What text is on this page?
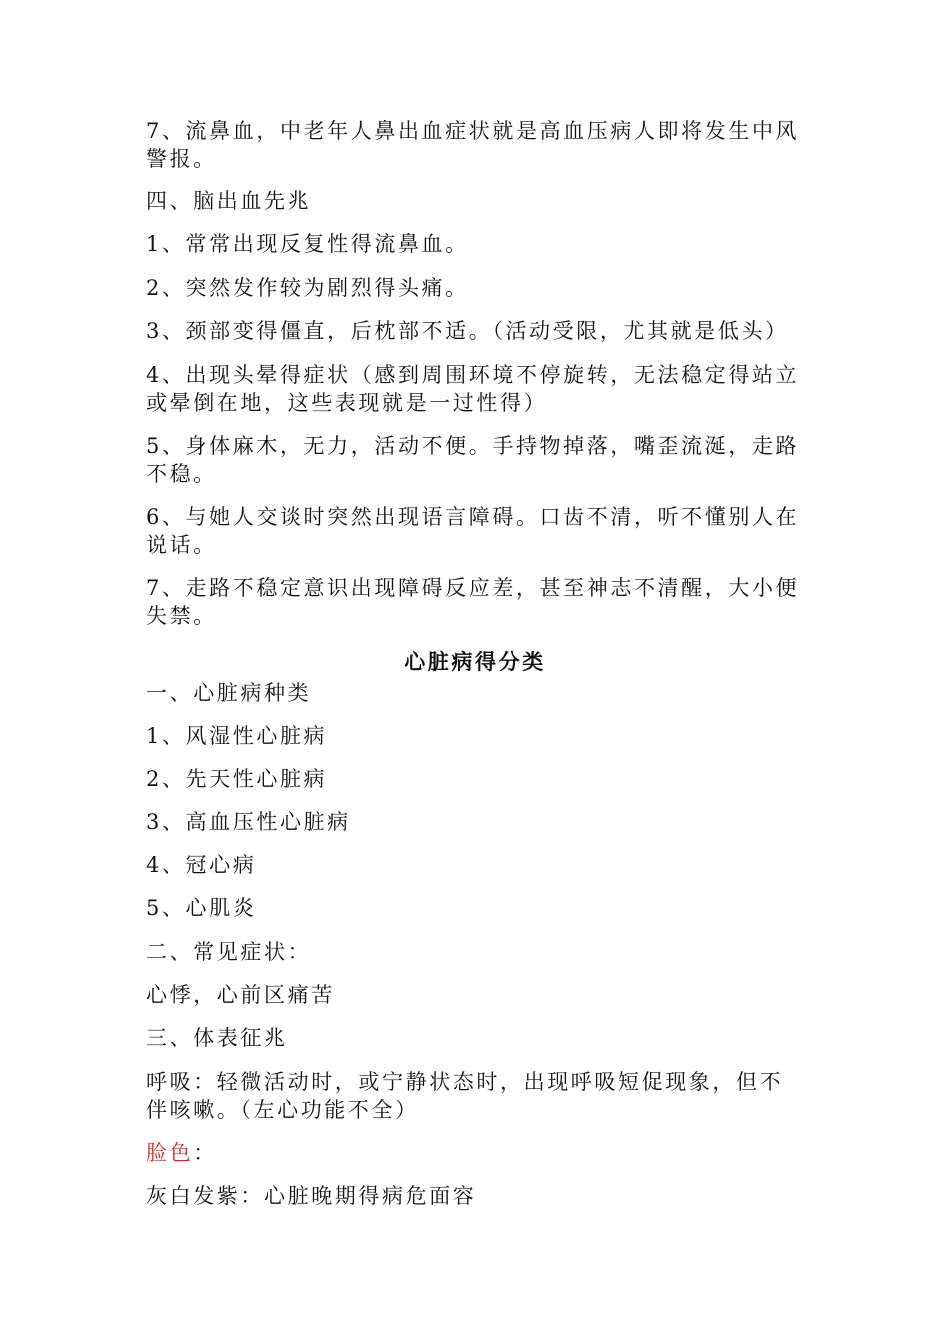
7、流鼻血，中老年人鼻出血症状就是高血压病人即将发生中风
警报。
四、脑出血先兆
1、常常出现反复性得流鼻血。
2、突然发作较为剧烈得头痛。
3、颈部变得僵直，后枕部不适。（活动受限，尤其就是低头）
4、出现头晕得症状（感到周围环境不停旋转，无法稳定得站立
或晕倒在地，这些表现就是一过性得）
5、身体麻木，无力，活动不便。手持物掉落，嘴歪流涎，走路
不稳。
6、与她人交谈时突然出现语言障碍。口齿不清，听不懂别人在
说话。
7、走路不稳定意识出现障碍反应差，甚至神志不清醒，大小便
失禁。
心脏病得分类
一、心脏病种类
1、风湿性心脏病
2、先天性心脏病
3、高血压性心脏病
4、冠心病
5、心肌炎
二、常见症状：
心悸，心前区痛苦
三、体表征兆
呼吸：轻微活动时，或宁静状态时，出现呼吸短促现象，但不
伴咳嗽。（左心功能不全）
脸色：
灰白发紫：心脏晚期得病危面容
